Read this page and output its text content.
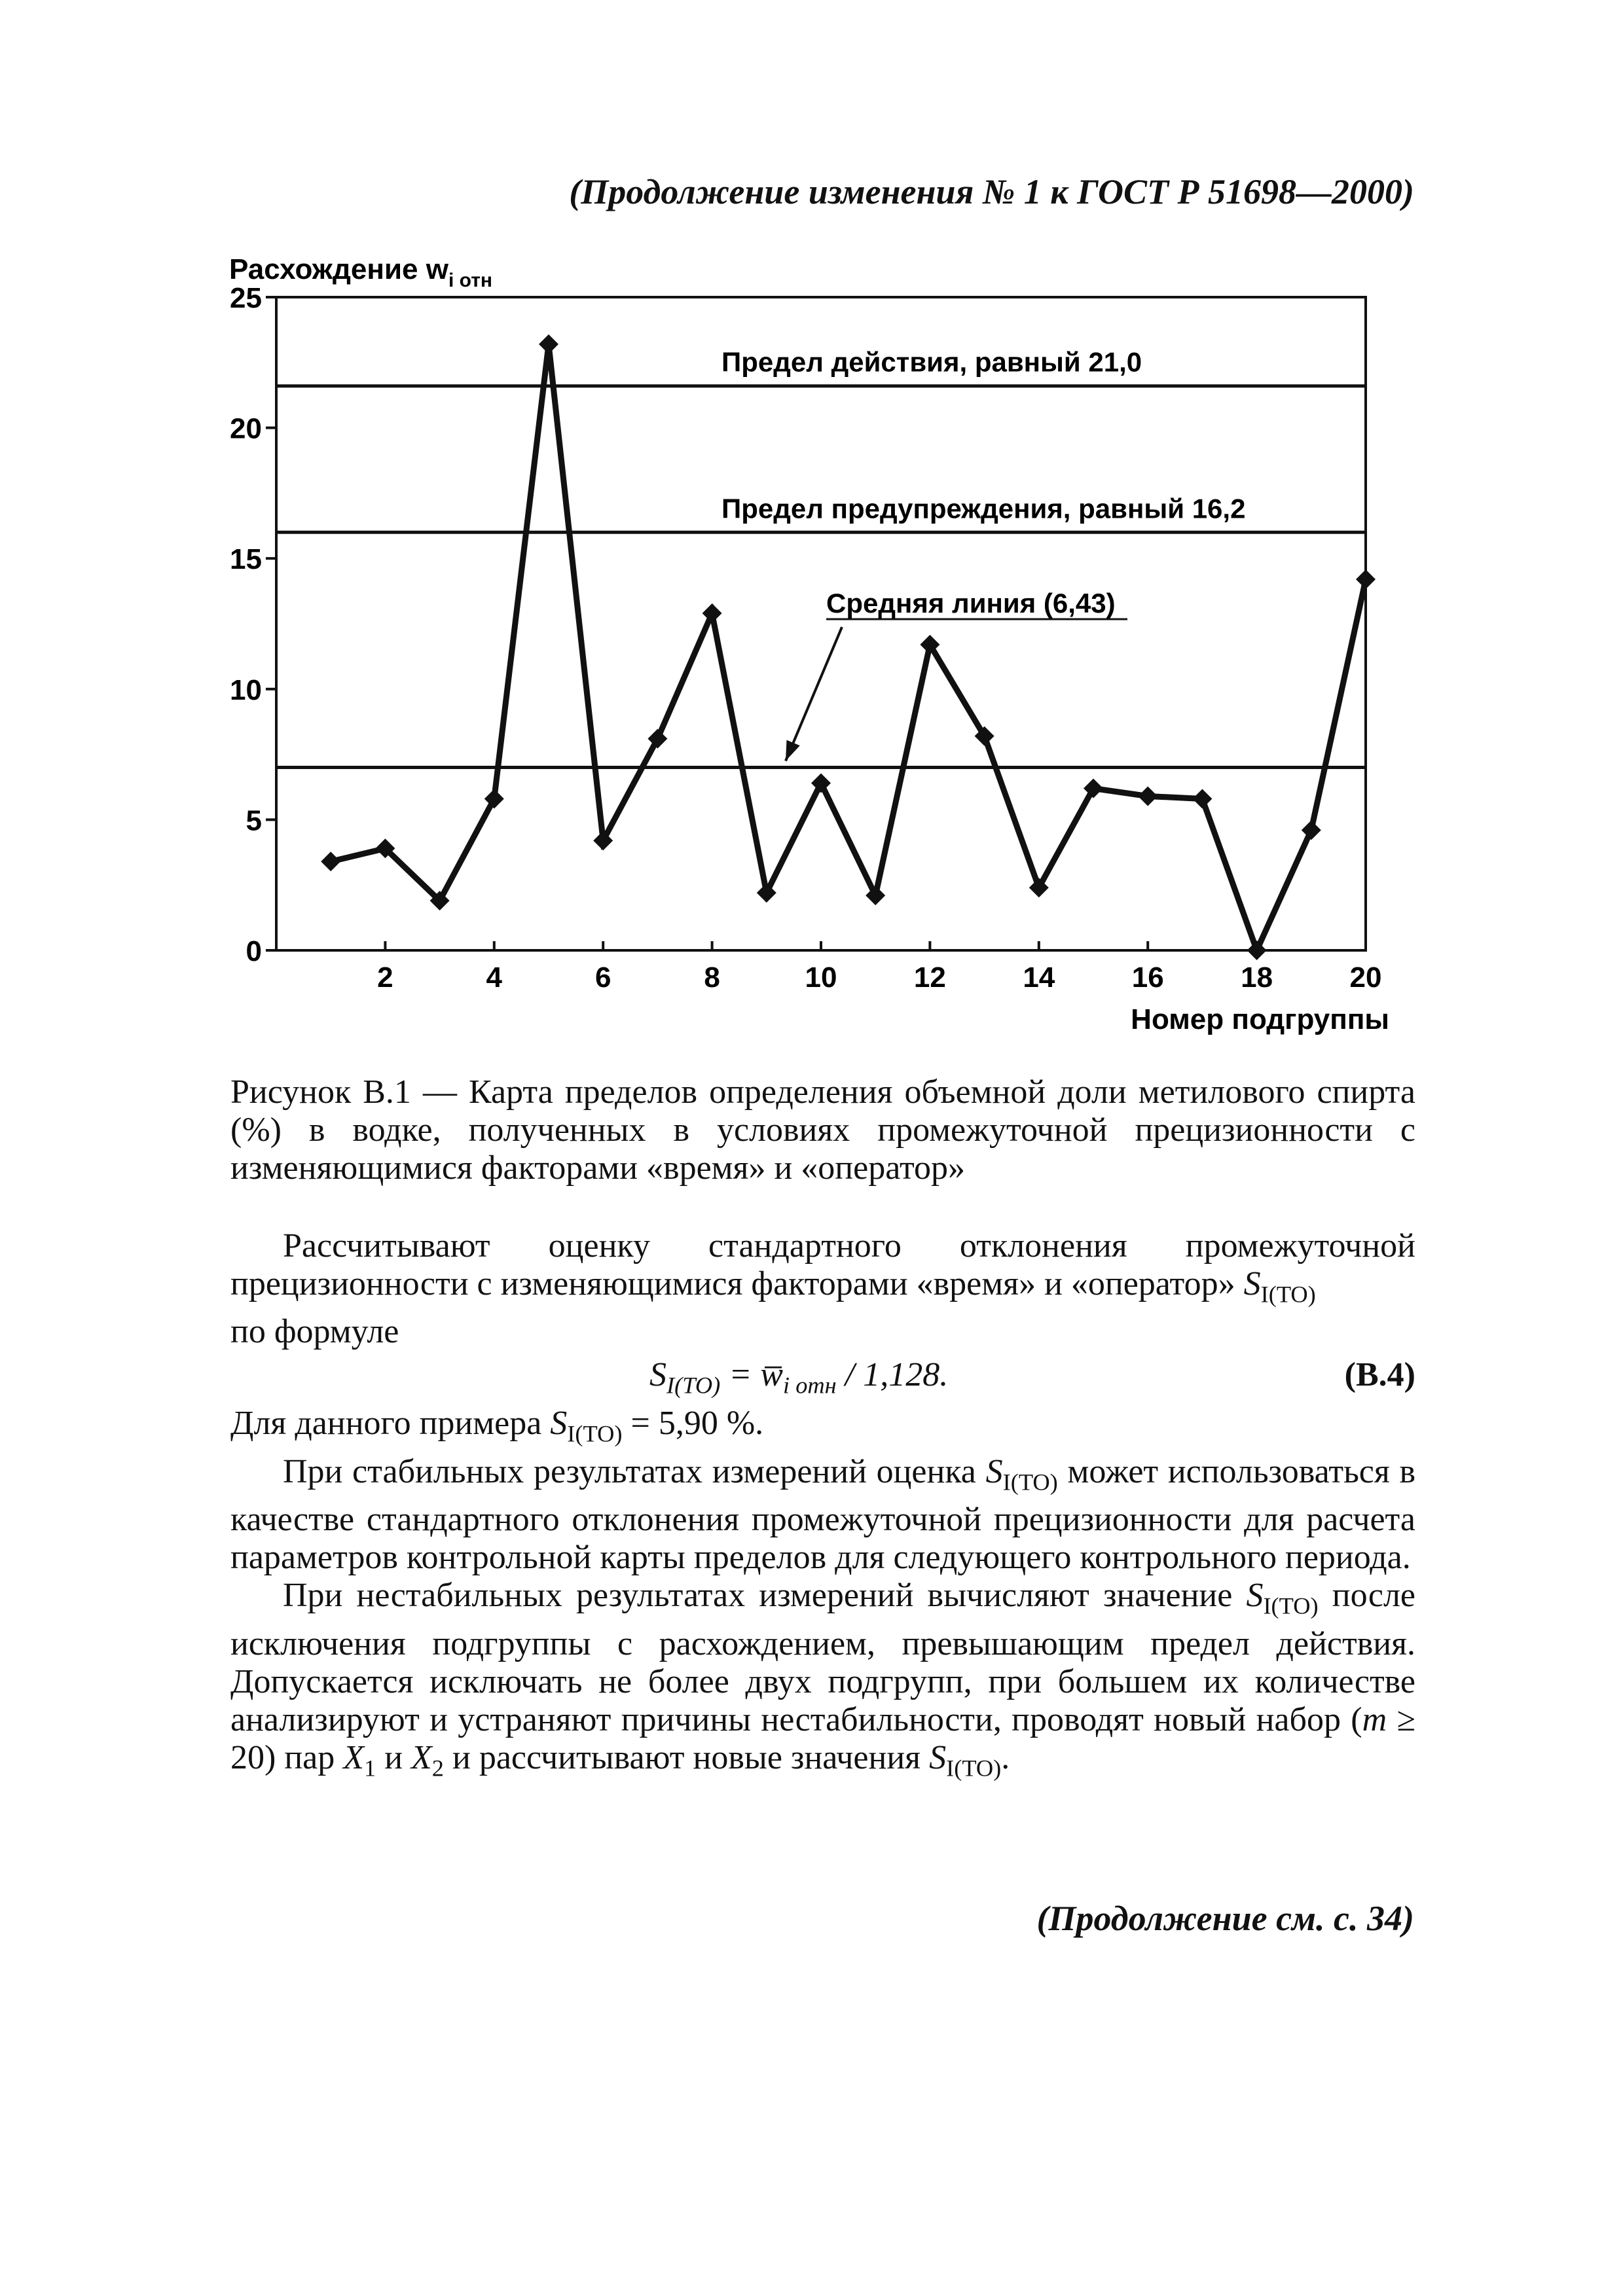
(Продолжение изменения № 1 к ГОСТ Р 51698—2000)
0
5
10
15
20
25
2	4	6	8	10	12	14	16	18	20
Расхождение $w_{i отн}$
Номер подгруппы
Предел действия, равный 21,0
Предел предупреждения, равный 16,2
Средняя линия (6,43)
Рисунок В.1 — Карта пределов определения объемной доли метилового спирта (%) в водке, полученных в условиях промежуточной прецизионности с изменяющимися факторами «время» и «оператор»

Рассчитывают оценку стандартного отклонения промежуточной прецизионности с изменяющимися факторами «время» и «оператор» $S_{I(TO)}$
по формуле

$S_{I(TO)}$ = $w̅_{i отн} / 1,128$.	(В.4)

Для данного примера $S_{I(TO)} = 5,90$ %.

При стабильных результатах измерений оценка $S_{I(TO)}$ может использоваться в качестве стандартного отклонения промежуточной прецизионности для расчета параметров контрольной карты пределов для следующего контрольного периода.

При нестабильных результатах измерений вычисляют значение $S_{I(TO)}$ после исключения подгруппы с расхождением, превышающим предел действия. Допускается исключать не более двух подгрупп, при большем их количестве анализируют и устраняют причины нестабильности, проводят новый набор (m ≥ 20) пар $X_1$ и $X_2$ и рассчитывают новые значения $S_{I(TO)}$.

(Продолжение см. с. 34)
